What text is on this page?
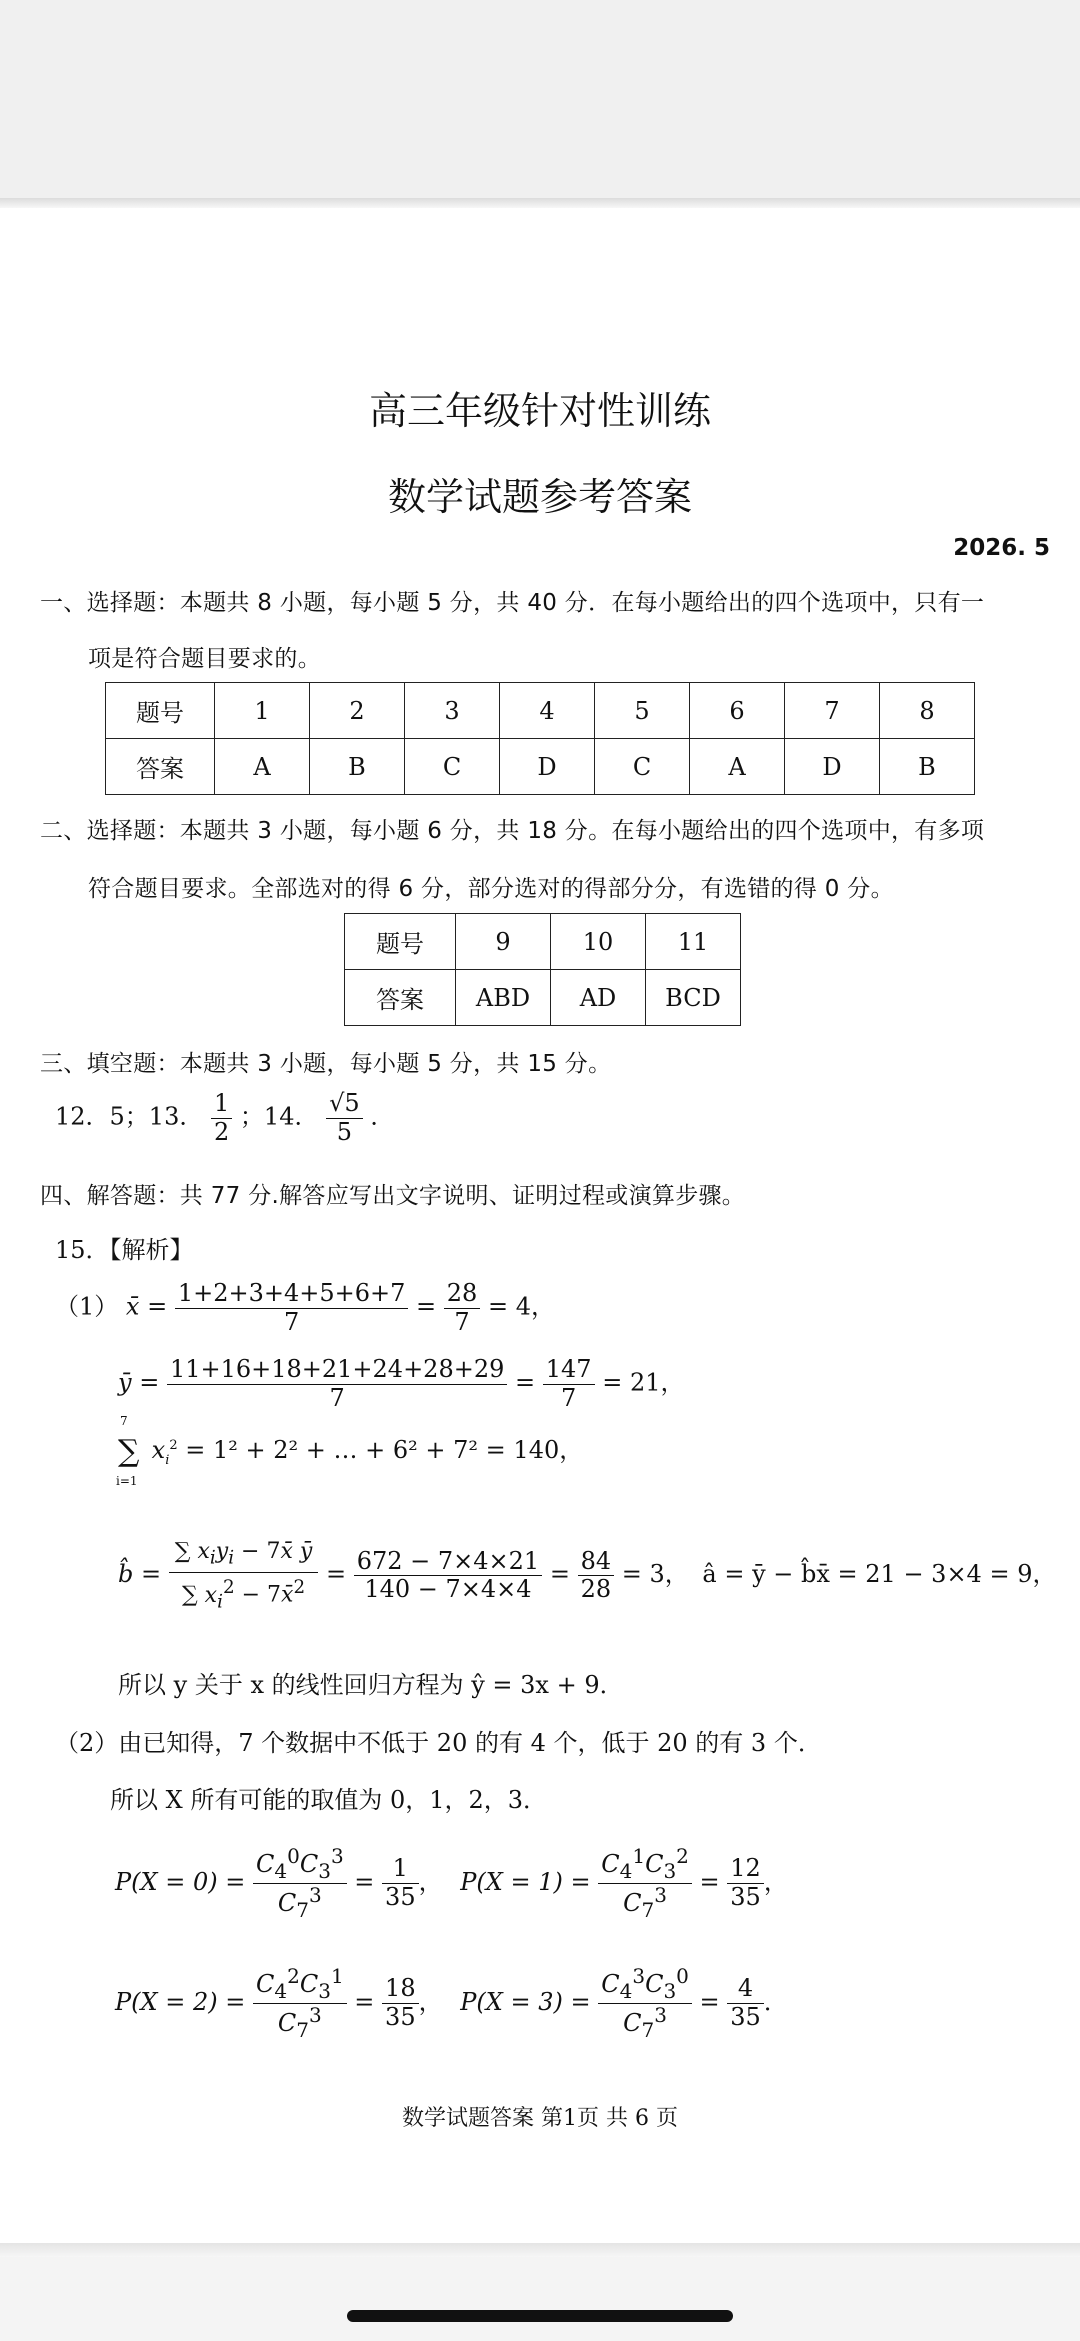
高三年级针对性训练
数学试题参考答案
2026. 5
一、选择题：本题共 8 小题，每小题 5 分，共 40 分．在每小题给出的四个选项中，只有一
项是符合题目要求的。
题号	1	2	3	4	5	6	7	8
答案	A	B	C	D	C	A	D	B
二、选择题：本题共 3 小题，每小题 6 分，共 18 分。在每小题给出的四个选项中，有多项
符合题目要求。全部选对的得 6 分，部分选对的得部分分，有选错的得 0 分。
题号	9	10	11
答案	ABD	AD	BCD
三、填空题：本题共 3 小题，每小题 5 分，共 15 分。
12．5；13． $\frac{1}{2}$ ；14． $\frac{√5}{5}$ ．
四、解答题：共 77 分.解答应写出文字说明、证明过程或演算步骤。
15．【解析】
（1） x̄ = $\frac{1+2+3+4+5+6+7}{7} = \frac{28}{7} = 4$，
ȳ = $\frac{11+16+18+21+24+28+29}{7} = \frac{147}{7} = 21$，
7
∑
i=1
$x_i^2 = 1^2 + 2^2$ + … + 6² + 7² = 140，
b̂ = $\frac{\sum x_iy_i - 7x̄ ȳ}{\sum x_i^2 - 7x̄^2} = \frac{672 - 7\times 4\times 21}{140 - 7\times 4\times 4} = \frac{84}{28} = 3$， â = ȳ − b̂x̄ = 21 − 3×4 = 9，
所以 y 关于 x 的线性回归方程为 ŷ = 3x + 9．
（2）由已知得，7 个数据中不低于 20 的有 4 个，低于 20 的有 3 个．
所以 X 所有可能的取值为 0，1，2，3．
$P(X = 0) = \frac{C_4^0C_3^3}{C_7^3} = \frac{1}{35}$ ， $P(X = 1) = \frac{C_4^1C_3^2}{C_7^3} = \frac{12}{35}$ ，
$P(X = 2) = \frac{C_4^2C_3^1}{C_7^3} = \frac{18}{35}$ ， $P(X = 3) = \frac{C_4^3C_3^0}{C_7^3} = \frac{4}{35}$ ．
数学试题答案 第1页 共 6 页
